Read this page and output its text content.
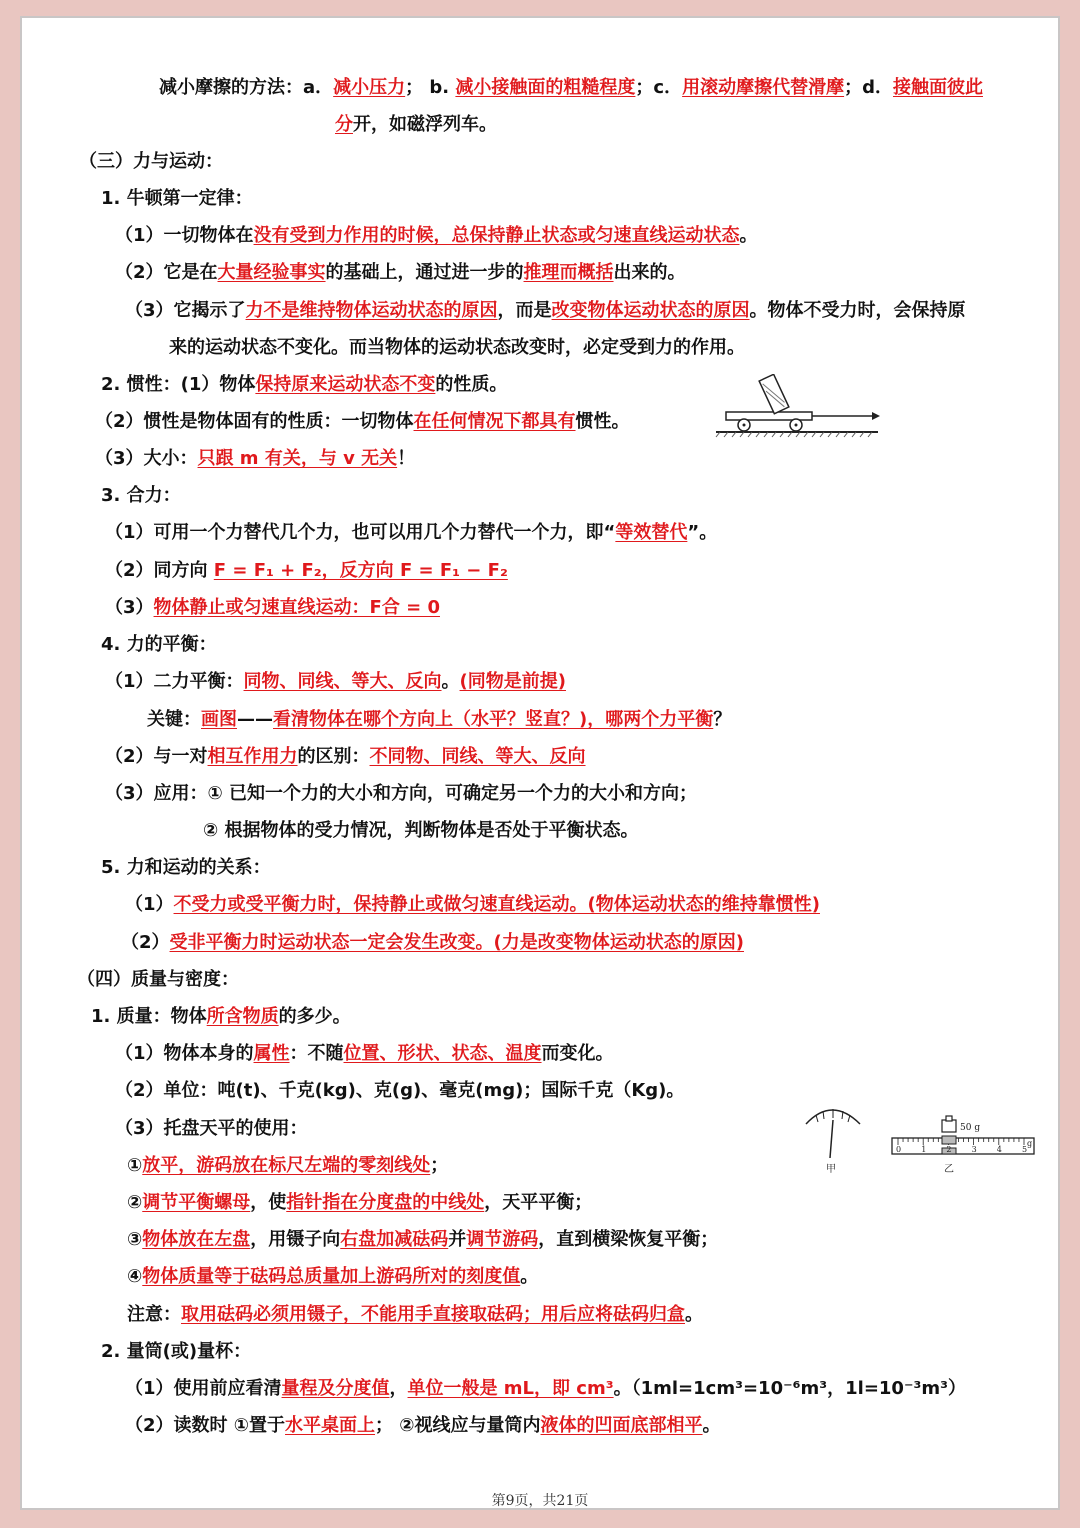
减小摩擦的方法：a．减小压力； b. 减小接触面的粗糙程度；c．用滚动摩擦代替滑摩；d．接触面彼此
分开，如磁浮列车。
（三）力与运动：
1. 牛顿第一定律：
（1）一切物体在没有受到力作用的时候，总保持静止状态或匀速直线运动状态。
（2）它是在大量经验事实的基础上，通过进一步的推理而概括出来的。
（3）它揭示了力不是维持物体运动状态的原因，而是改变物体运动状态的原因。物体不受力时，会保持原
来的运动状态不变化。而当物体的运动状态改变时，必定受到力的作用。
2. 惯性：(1）物体保持原来运动状态不变的性质。
（2）惯性是物体固有的性质：一切物体在任何情况下都具有惯性。
（3）大小：只跟 m 有关，与 v 无关！
3. 合力：
（1）可用一个力替代几个力，也可以用几个力替代一个力，即“等效替代”。
（2）同方向 F = F₁ + F₂，反方向 F = F₁ − F₂
（3）物体静止或匀速直线运动：F合 = 0
4. 力的平衡：
（1）二力平衡：同物、同线、等大、反向。(同物是前提)
关键：画图——看清物体在哪个方向上（水平？竖直？)，哪两个力平衡？
（2）与一对相互作用力的区别：不同物、同线、等大、反向
（3）应用：① 已知一个力的大小和方向，可确定另一个力的大小和方向；
② 根据物体的受力情况，判断物体是否处于平衡状态。
5. 力和运动的关系：
（1）不受力或受平衡力时，保持静止或做匀速直线运动。(物体运动状态的维持靠惯性)
（2）受非平衡力时运动状态一定会发生改变。(力是改变物体运动状态的原因)
（四）质量与密度：
1. 质量：物体所含物质的多少。
（1）物体本身的属性：不随位置、形状、状态、温度而变化。
（2）单位：吨(t)、千克(kg)、克(g)、毫克(mg)；国际千克（Kg)。
（3）托盘天平的使用：
①放平，游码放在标尺左端的零刻线处；
②调节平衡螺母，使指针指在分度盘的中线处，天平平衡；
③物体放在左盘，用镊子向右盘加减砝码并调节游码，直到横梁恢复平衡；
④物体质量等于砝码总质量加上游码所对的刻度值。
注意：取用砝码必须用镊子，不能用手直接取砝码；用后应将砝码归盒。
2. 量筒(或)量杯：
（1）使用前应看清量程及分度值，单位一般是 mL，即 cm³。（1ml=1cm³=10⁻⁶m³，1l=10⁻³m³）
（2）读数时 ①置于水平桌面上； ②视线应与量筒内液体的凹面底部相平。
甲
50 g
0	1	2	3	4	5
g
乙
第9页，共21页
